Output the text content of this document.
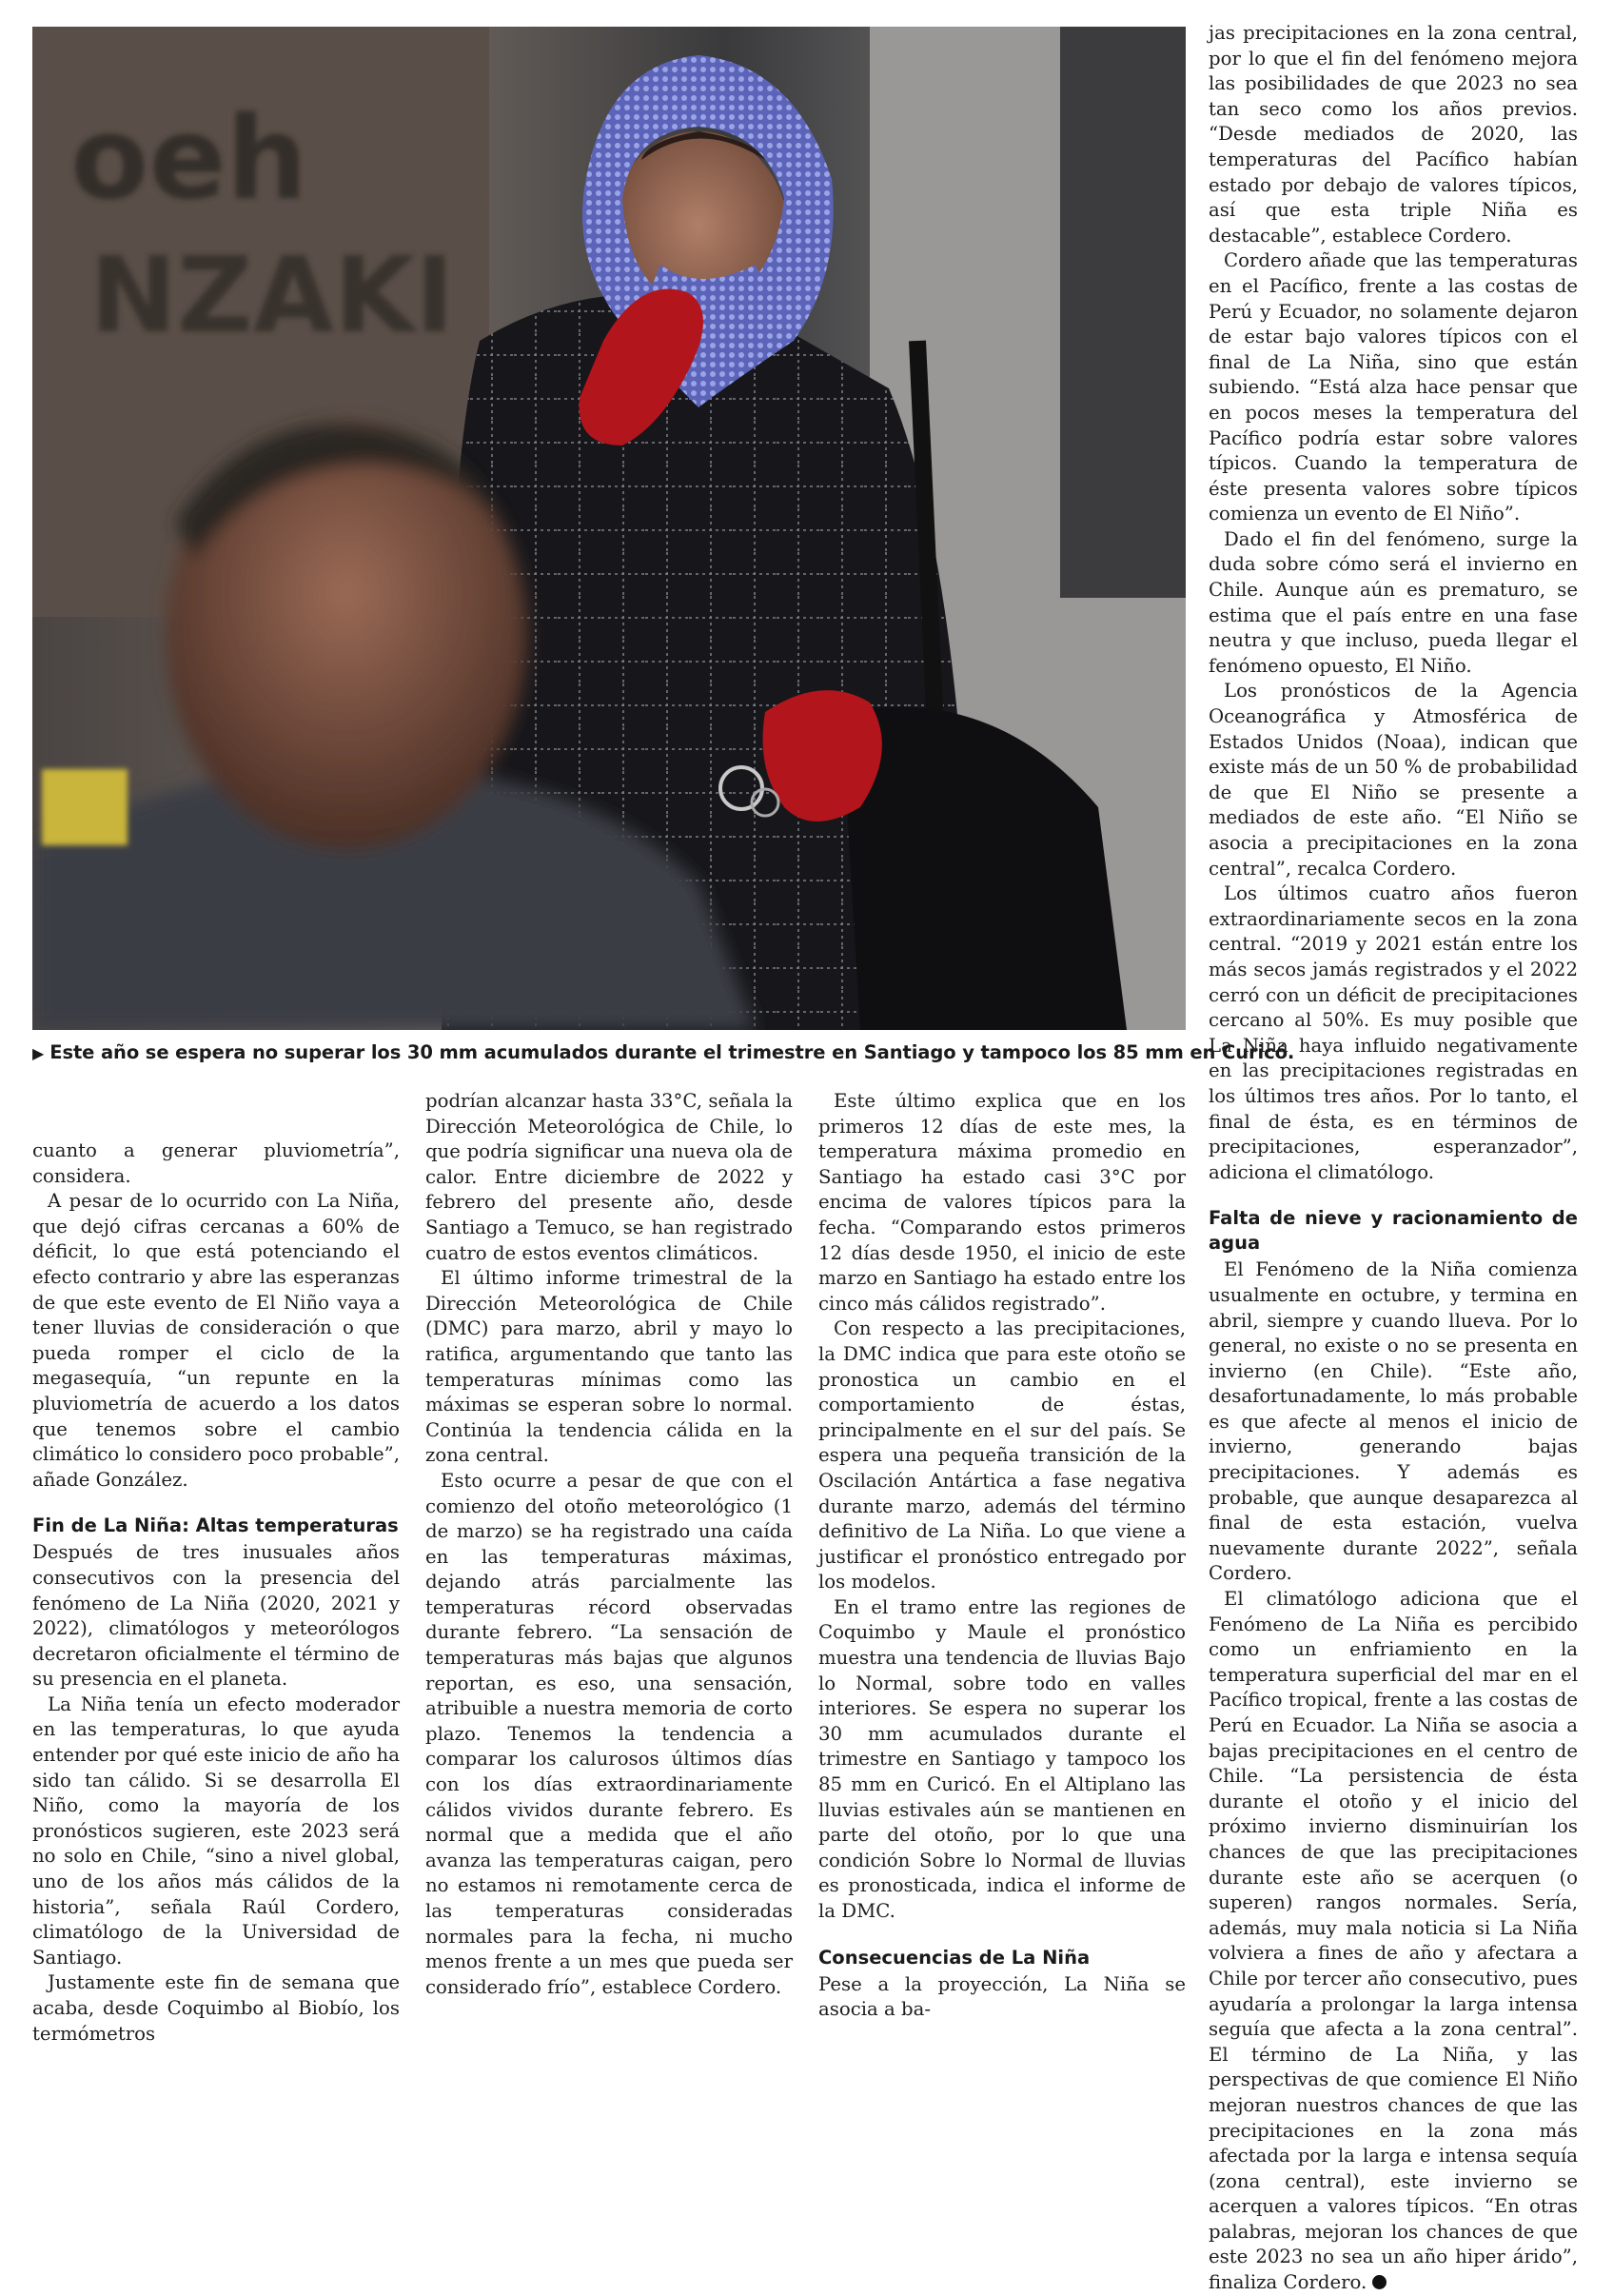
oeh
NZAKI
▶ Este año se espera no superar los 30 mm acumulados durante el trimestre en Santiago y tampoco los 85 mm en Curicó.

cuanto a generar pluviometría”, considera.

A pesar de lo ocurrido con La Niña, que dejó cifras cercanas a 60% de déficit, lo que está potenciando el efecto contrario y abre las esperanzas de que este evento de El Niño vaya a tener lluvias de consideración o que pueda romper el ciclo de la megasequía, “un repunte en la pluviometría de acuerdo a los datos que tenemos sobre el cambio climático lo considero poco probable”, añade González.

Fin de La Niña: Altas temperaturas

Después de tres inusuales años consecutivos con la presencia del fenómeno de La Niña (2020, 2021 y 2022), climatólogos y meteorólogos decretaron oficialmente el término de su presencia en el planeta.

La Niña tenía un efecto moderador en las temperaturas, lo que ayuda entender por qué este inicio de año ha sido tan cálido. Si se desarrolla El Niño, como la mayoría de los pronósticos sugieren, este 2023 será no solo en Chile, “sino a nivel global, uno de los años más cálidos de la historia”, señala Raúl Cordero, climatólogo de la Universidad de Santiago.

Justamente este fin de semana que acaba, desde Coquimbo al Biobío, los termómetros

podrían alcanzar hasta 33°C, señala la Dirección Meteorológica de Chile, lo que podría significar una nueva ola de calor. Entre diciembre de 2022 y febrero del presente año, desde Santiago a Temuco, se han registrado cuatro de estos eventos climáticos.

El último informe trimestral de la Dirección Meteorológica de Chile (DMC) para marzo, abril y mayo lo ratifica, argumentando que tanto las temperaturas mínimas como las máximas se esperan sobre lo normal. Continúa la tendencia cálida en la zona central.

Esto ocurre a pesar de que con el comienzo del otoño meteorológico (1 de marzo) se ha registrado una caída en las temperaturas máximas, dejando atrás parcialmente las temperaturas récord observadas durante febrero. “La sensación de temperaturas más bajas que algunos reportan, es eso, una sensación, atribuible a nuestra memoria de corto plazo. Tenemos la tendencia a comparar los calurosos últimos días con los días extraordinariamente cálidos vividos durante febrero. Es normal que a medida que el año avanza las temperaturas caigan, pero no estamos ni remotamente cerca de las temperaturas consideradas normales para la fecha, ni mucho menos frente a un mes que pueda ser considerado frío”, establece Cordero.

Este último explica que en los primeros 12 días de este mes, la temperatura máxima promedio en Santiago ha estado casi 3°C por encima de valores típicos para la fecha. “Comparando estos primeros 12 días desde 1950, el inicio de este marzo en Santiago ha estado entre los cinco más cálidos registrado”.

Con respecto a las precipitaciones, la DMC indica que para este otoño se pronostica un cambio en el comportamiento de éstas, principalmente en el sur del país. Se espera una pequeña transición de la Oscilación Antártica a fase negativa durante marzo, además del término definitivo de La Niña. Lo que viene a justificar el pronóstico entregado por los modelos.

En el tramo entre las regiones de Coquimbo y Maule el pronóstico muestra una tendencia de lluvias Bajo lo Normal, sobre todo en valles interiores. Se espera no superar los 30 mm acumulados durante el trimestre en Santiago y tampoco los 85 mm en Curicó. En el Altiplano las lluvias estivales aún se mantienen en parte del otoño, por lo que una condición Sobre lo Normal de lluvias es pronosticada, indica el informe de la DMC.

Consecuencias de La Niña

Pese a la proyección, La Niña se asocia a ba-

jas precipitaciones en la zona central, por lo que el fin del fenómeno mejora las posibilidades de que 2023 no sea tan seco como los años previos. “Desde mediados de 2020, las temperaturas del Pacífico habían estado por debajo de valores típicos, así que esta triple Niña es destacable”, establece Cordero.

Cordero añade que las temperaturas en el Pacífico, frente a las costas de Perú y Ecuador, no solamente dejaron de estar bajo valores típicos con el final de La Niña, sino que están subiendo. “Está alza hace pensar que en pocos meses la temperatura del Pacífico podría estar sobre valores típicos. Cuando la temperatura de éste presenta valores sobre típicos comienza un evento de El Niño”.

Dado el fin del fenómeno, surge la duda sobre cómo será el invierno en Chile. Aunque aún es prematuro, se estima que el país entre en una fase neutra y que incluso, pueda llegar el fenómeno opuesto, El Niño.

Los pronósticos de la Agencia Oceanográfica y Atmosférica de Estados Unidos (Noaa), indican que existe más de un 50 % de probabilidad de que El Niño se presente a mediados de este año. “El Niño se asocia a precipitaciones en la zona central”, recalca Cordero.

Los últimos cuatro años fueron extraordinariamente secos en la zona central. “2019 y 2021 están entre los más secos jamás registrados y el 2022 cerró con un déficit de precipitaciones cercano al 50%. Es muy posible que La Niña haya influido negativamente en las precipitaciones registradas en los últimos tres años. Por lo tanto, el final de ésta, es en términos de precipitaciones, esperanzador”, adiciona el climatólogo.

Falta de nieve y racionamiento de agua

El Fenómeno de la Niña comienza usualmente en octubre, y termina en abril, siempre y cuando llueva. Por lo general, no existe o no se presenta en invierno (en Chile). “Este año, desafortunadamente, lo más probable es que afecte al menos el inicio de invierno, generando bajas precipitaciones. Y además es probable, que aunque desaparezca al final de esta estación, vuelva nuevamente durante 2022”, señala Cordero.

El climatólogo adiciona que el Fenómeno de La Niña es percibido como un enfriamiento en la temperatura superficial del mar en el Pacífico tropical, frente a las costas de Perú en Ecuador. La Niña se asocia a bajas precipitaciones en el centro de Chile. “La persistencia de ésta durante el otoño y el inicio del próximo invierno disminuirían los chances de que las precipitaciones durante este año se acerquen (o superen) rangos normales. Sería, además, muy mala noticia si La Niña volviera a fines de año y afectara a Chile por tercer año consecutivo, pues ayudaría a prolongar la larga intensa seguía que afecta a la zona central”. El término de La Niña, y las perspectivas de que comience El Niño mejoran nuestros chances de que las precipitaciones en la zona más afectada por la larga e intensa sequía (zona central), este invierno se acerquen a valores típicos. “En otras palabras, mejoran los chances de que este 2023 no sea un año hiper árido”, finaliza Cordero.
